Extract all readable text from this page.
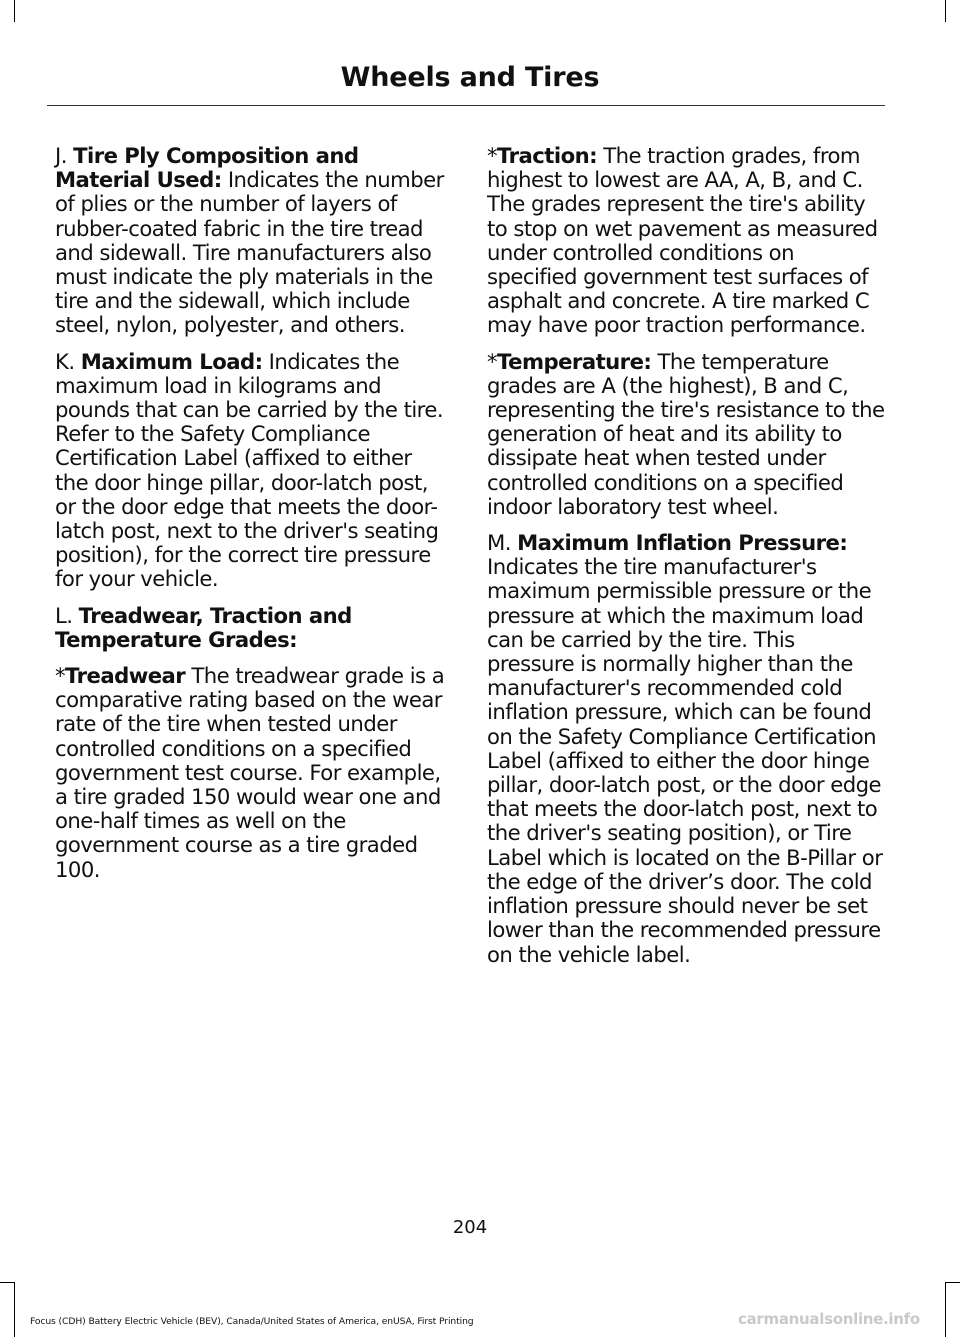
Wheels and Tires

J. Tire Ply Composition and Material Used: Indicates the number of plies or the number of layers of rubber-coated fabric in the tire tread and sidewall. Tire manufacturers also must indicate the ply materials in the tire and the sidewall, which include steel, nylon, polyester, and others.

K. Maximum Load: Indicates the maximum load in kilograms and pounds that can be carried by the tire. Refer to the Safety Compliance Certification Label (affixed to either the door hinge pillar, door-latch post, or the door edge that meets the door-latch post, next to the driver's seating position), for the correct tire pressure for your vehicle.

L. Treadwear, Traction and Temperature Grades:

*Treadwear The treadwear grade is a comparative rating based on the wear rate of the tire when tested under controlled conditions on a specified government test course. For example, a tire graded 150 would wear one and one-half times as well on the government course as a tire graded 100.

*Traction: The traction grades, from highest to lowest are AA, A, B, and C. The grades represent the tire's ability to stop on wet pavement as measured under controlled conditions on specified government test surfaces of asphalt and concrete. A tire marked C may have poor traction performance.

*Temperature: The temperature grades are A (the highest), B and C, representing the tire's resistance to the generation of heat and its ability to dissipate heat when tested under controlled conditions on a specified indoor laboratory test wheel.

M. Maximum Inflation Pressure: Indicates the tire manufacturer's maximum permissible pressure or the pressure at which the maximum load can be carried by the tire. This pressure is normally higher than the manufacturer's recommended cold inflation pressure, which can be found on the Safety Compliance Certification Label (affixed to either the door hinge pillar, door-latch post, or the door edge that meets the door-latch post, next to the driver's seating position), or Tire Label which is located on the B-Pillar or the edge of the driver’s door. The cold inflation pressure should never be set lower than the recommended pressure on the vehicle label.

204
Focus (CDH) Battery Electric Vehicle (BEV), Canada/United States of America, enUSA, First Printing	carmanualsonline.info
